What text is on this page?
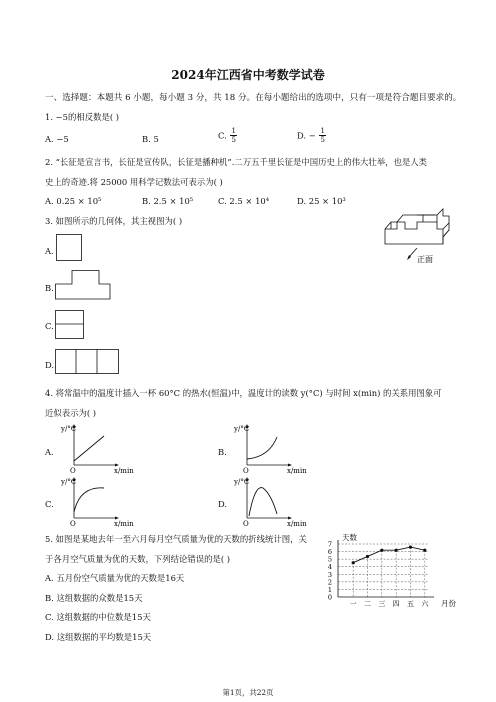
2024年江西省中考数学试卷
一、选择题：本题共 6 小题，每小题 3 分，共 18 分。在每小题给出的选项中，只有一项是符合题目要求的。
1. −5的相反数是( )
A. −5	B. 5	C. $\frac{1}{5}$	D. − $\frac{1}{5}$
2. “长征是宣言书，长征是宣传队，长征是播种机”.二万五千里长征是中国历史上的伟大壮举，也是人类
史上的奇迹.将 25000 用科学记数法可表示为( )
A. 0.25 × 10⁵	B. 2.5 × 10⁵	C. 2.5 × 10⁴	D. 25 × 10³
3. 如图所示的几何体，其主视图为( )
正面
A.
B.
C.
D.
4. 将常温中的温度计插入一杯 60°C 的热水(恒温)中，温度计的读数 y(°C) 与时间 x(min) 的关系用图象可
近似表示为( )
A.	B.
C.	D.
y/°C
x/min
O
y/°C
x/min
O
y/°C
x/min
O
y/°C
x/min
O
5. 如图是某地去年一至六月每月空气质量为优的天数的折线统计图，关
于各月空气质量为优的天数，下列结论错误的是( )
A. 五月份空气质量为优的天数是16天
B. 这组数据的众数是15天
C. 这组数据的中位数是15天
D. 这组数据的平均数是15天
0
1
2
3
4
5
6
7
一 二 三 四 五 六
天数
月份
第1页，共22页
